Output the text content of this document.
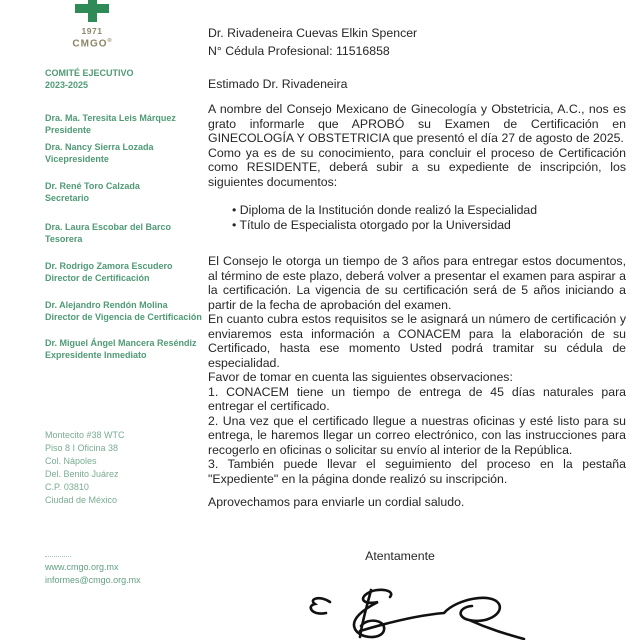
1971
CMGO®
COMITÉ EJECUTIVO
2023-2025
Dra. Ma. Teresita Leis Márquez
Presidente
Dra. Nancy Sierra Lozada
Vicepresidente
Dr. René Toro Calzada
Secretario
Dra. Laura Escobar del Barco
Tesorera
Dr. Rodrigo Zamora Escudero
Director de Certificación
Dr. Alejandro Rendón Molina
Director de Vigencia de Certificación
Dr. Miguel Ángel Mancera Reséndiz
Expresidente Inmediato
Montecito #38 WTC
Piso 8 I Oficina 38
Col. Nápoles
Del. Benito Juárez
C.P. 03810
Ciudad de México
www.cmgo.org.mx
informes@cmgo.org.mx

Dr. Rivadeneira Cuevas Elkin Spencer

N° Cédula Profesional: 11516858

Estimado Dr. Rivadeneira

A nombre del Consejo Mexicano de Ginecología y Obstetricia, A.C., nos es grato informarle que APROBÓ su Examen de Certificación en GINECOLOGÍA Y OBSTETRICIA que presentó el día 27 de agosto de 2025.

Como ya es de su conocimiento, para concluir el proceso de Certificación como RESIDENTE, deberá subir a su expediente de inscripción, los siguientes documentos:

• Diploma de la Institución donde realizó la Especialidad
• Título de Especialista otorgado por la Universidad

El Consejo le otorga un tiempo de 3 años para entregar estos documentos, al término de este plazo, deberá volver a presentar el examen para aspirar a la certificación. La vigencia de su certificación será de 5 años iniciando a partir de la fecha de aprobación del examen.

En cuanto cubra estos requisitos se le asignará un número de certificación y enviaremos esta información a CONACEM para la elaboración de su Certificado, hasta ese momento Usted podrá tramitar su cédula de especialidad.

Favor de tomar en cuenta las siguientes observaciones:

1. CONACEM tiene un tiempo de entrega de 45 días naturales para entregar el certificado.

2. Una vez que el certificado llegue a nuestras oficinas y esté listo para su entrega, le haremos llegar un correo electrónico, con las instrucciones para recogerlo en oficinas o solicitar su envío al interior de la República.

3. También puede llevar el seguimiento del proceso en la pestaña "Expediente" en la página donde realizó su inscripción.

Aprovechamos para enviarle un cordial saludo.

Atentamente
